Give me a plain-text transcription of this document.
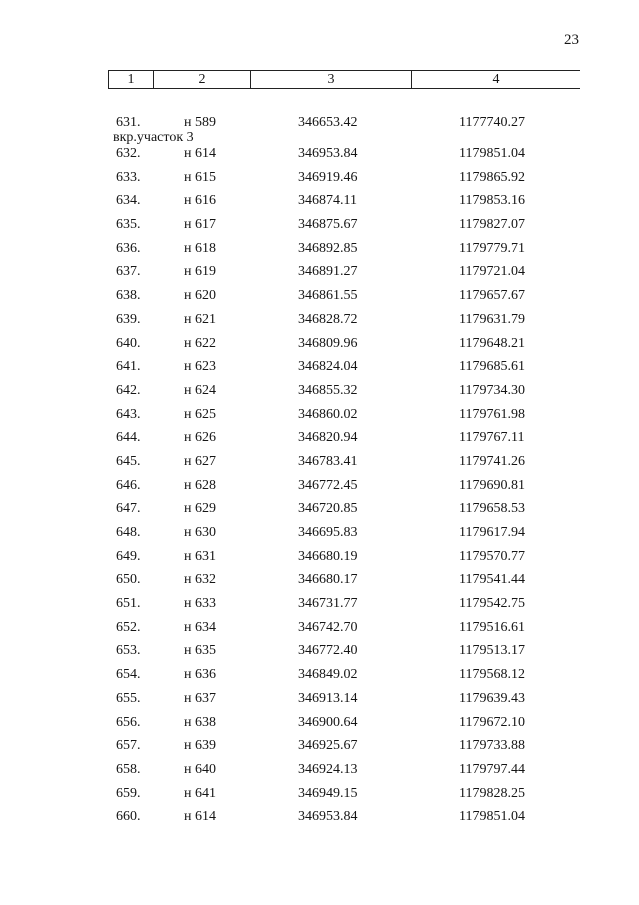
23
1	2	3	4
631.	н 589	346653.42	1177740.27
вкр.участок 3
632.	н 614	346953.84	1179851.04
633.	н 615	346919.46	1179865.92
634.	н 616	346874.11	1179853.16
635.	н 617	346875.67	1179827.07
636.	н 618	346892.85	1179779.71
637.	н 619	346891.27	1179721.04
638.	н 620	346861.55	1179657.67
639.	н 621	346828.72	1179631.79
640.	н 622	346809.96	1179648.21
641.	н 623	346824.04	1179685.61
642.	н 624	346855.32	1179734.30
643.	н 625	346860.02	1179761.98
644.	н 626	346820.94	1179767.11
645.	н 627	346783.41	1179741.26
646.	н 628	346772.45	1179690.81
647.	н 629	346720.85	1179658.53
648.	н 630	346695.83	1179617.94
649.	н 631	346680.19	1179570.77
650.	н 632	346680.17	1179541.44
651.	н 633	346731.77	1179542.75
652.	н 634	346742.70	1179516.61
653.	н 635	346772.40	1179513.17
654.	н 636	346849.02	1179568.12
655.	н 637	346913.14	1179639.43
656.	н 638	346900.64	1179672.10
657.	н 639	346925.67	1179733.88
658.	н 640	346924.13	1179797.44
659.	н 641	346949.15	1179828.25
660.	н 614	346953.84	1179851.04
